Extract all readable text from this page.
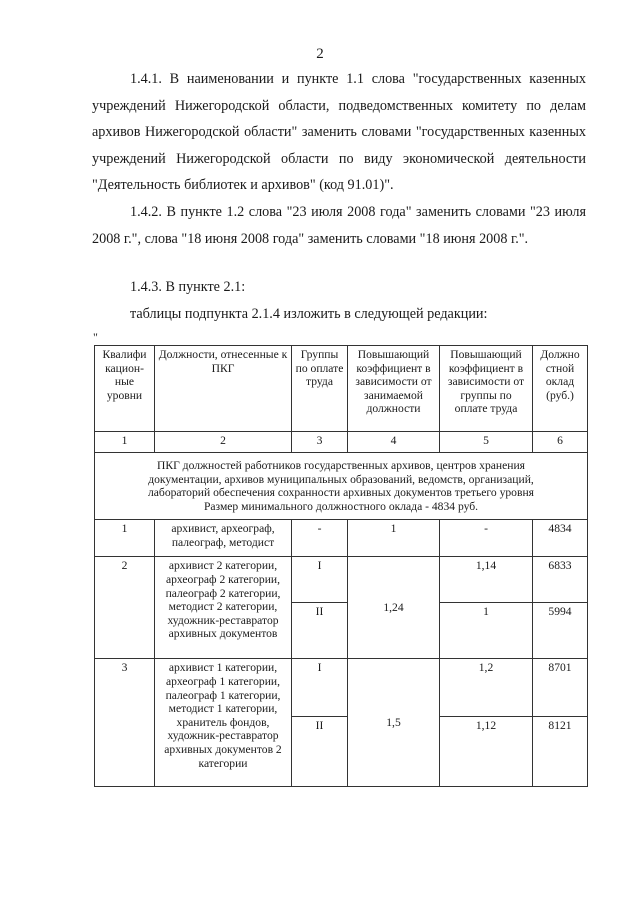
2

1.4.1. В наименовании и пункте 1.1 слова "государственных казенных учреждений Нижегородской области, подведомственных комитету по делам архивов Нижегородской области" заменить словами "государственных казенных учреждений Нижегородской области по виду экономической деятельности "Деятельность библиотек и архивов" (код 91.01)".

1.4.2. В пункте 1.2 слова "23 июля 2008 года" заменить словами "23 июля 2008 г.", слова "18 июня 2008 года" заменить словами "18 июня 2008 г.".

1.4.3. В пункте 2.1:

таблицы подпункта 2.1.4 изложить в следующей редакции:

"
Квалифи кацион- ные уровни	Должности, отнесенные к ПКГ	Группы по оплате труда	Повышающий коэффициент в зависимости от занимаемой должности	Повышающий коэффициент в зависимости от группы по оплате труда	Должно стной оклад (руб.)
1	2	3	4	5	6

ПКГ должностей работников государственных архивов, центров хранения
документации, архивов муниципальных образований, ведомств, организаций,
лабораторий обеспечения сохранности архивных документов третьего уровня
Размер минимального должностного оклада - 4834 руб.					

1	архивист, археограф, палеограф, методист	-	1	-	4834
2	архивист 2 категории, археограф 2 категории, палеограф 2 категории, методист 2 категории, художник-реставратор архивных документов	I	1,24	1,14	6833
		II		1	5994
3	архивист 1 категории, археограф 1 категории, палеограф 1 категории, методист 1 категории, хранитель фондов, художник-реставратор архивных документов 2 категории	I	1,5	1,2	8701
		II		1,12	8121
